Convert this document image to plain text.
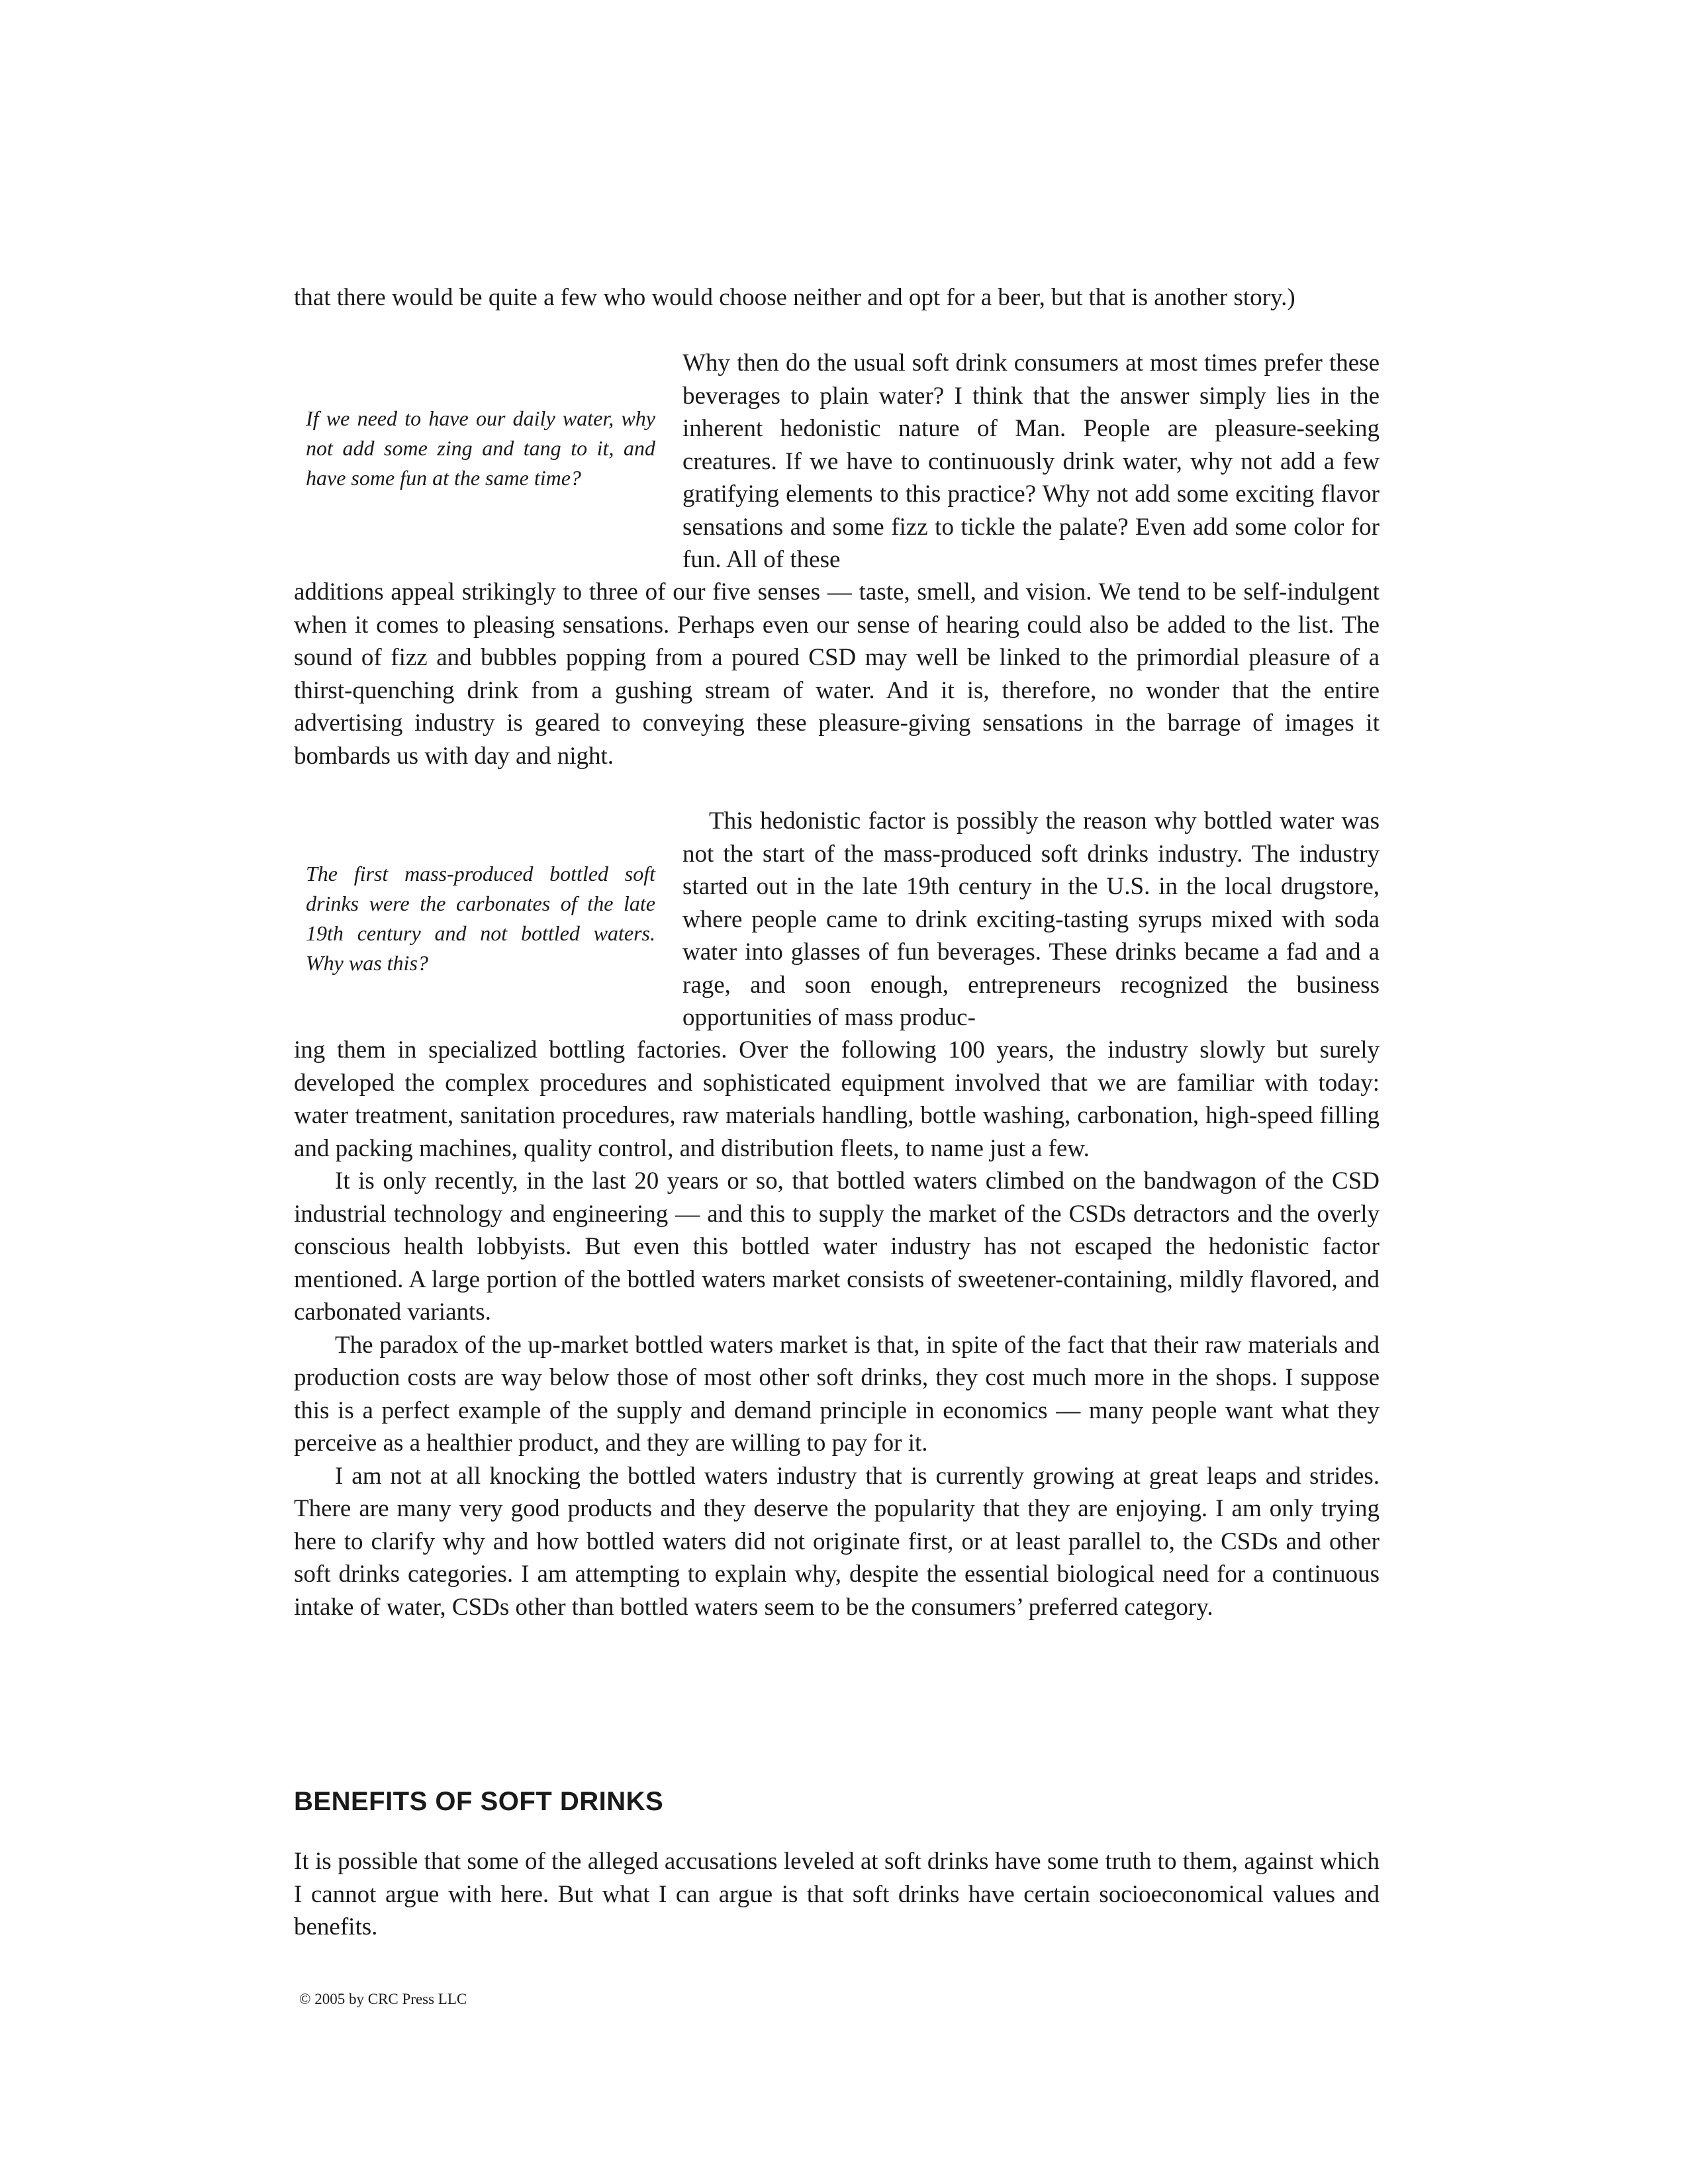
that there would be quite a few who would choose neither and opt for a beer, but that is another story.)

If we need to have our daily water, why not add some zing and tang to it, and have some fun at the same time?
Why then do the usual soft drink consumers at most times prefer these beverages to plain water? I think that the answer simply lies in the inherent hedonistic nature of Man. People are pleasure-seeking creatures. If we have to continuously drink water, why not add a few gratifying elements to this practice? Why not add some exciting flavor sensations and some fizz to tickle the palate? Even add some color for fun. All of these

additions appeal strikingly to three of our five senses — taste, smell, and vision. We tend to be self-indulgent when it comes to pleasing sensations. Perhaps even our sense of hearing could also be added to the list. The sound of fizz and bubbles popping from a poured CSD may well be linked to the primordial pleasure of a thirst-quenching drink from a gushing stream of water. And it is, therefore, no wonder that the entire advertising industry is geared to conveying these pleasure-giving sensations in the barrage of images it bombards us with day and night.

The first mass-produced bottled soft drinks were the carbonates of the late 19th century and not bottled waters. Why was this?
This hedonistic factor is possibly the reason why bottled water was not the start of the mass-produced soft drinks industry. The industry started out in the late 19th century in the U.S. in the local drugstore, where people came to drink exciting-tasting syrups mixed with soda water into glasses of fun beverages. These drinks became a fad and a rage, and soon enough, entrepreneurs recognized the business opportunities of mass produc-

ing them in specialized bottling factories. Over the following 100 years, the industry slowly but surely developed the complex procedures and sophisticated equipment involved that we are familiar with today: water treatment, sanitation procedures, raw materials handling, bottle washing, carbonation, high-speed filling and packing machines, quality control, and distribution fleets, to name just a few.

It is only recently, in the last 20 years or so, that bottled waters climbed on the bandwagon of the CSD industrial technology and engineering — and this to supply the market of the CSDs detractors and the overly conscious health lobbyists. But even this bottled water industry has not escaped the hedonistic factor mentioned. A large portion of the bottled waters market consists of sweetener-containing, mildly flavored, and carbonated variants.

The paradox of the up-market bottled waters market is that, in spite of the fact that their raw materials and production costs are way below those of most other soft drinks, they cost much more in the shops. I suppose this is a perfect example of the supply and demand principle in economics — many people want what they perceive as a healthier product, and they are willing to pay for it.

I am not at all knocking the bottled waters industry that is currently growing at great leaps and strides. There are many very good products and they deserve the popularity that they are enjoying. I am only trying here to clarify why and how bottled waters did not originate first, or at least parallel to, the CSDs and other soft drinks categories. I am attempting to explain why, despite the essential biological need for a continuous intake of water, CSDs other than bottled waters seem to be the consumers’ preferred category.

BENEFITS OF SOFT DRINKS

It is possible that some of the alleged accusations leveled at soft drinks have some truth to them, against which I cannot argue with here. But what I can argue is that soft drinks have certain socioeconomical values and benefits.

© 2005 by CRC Press LLC
